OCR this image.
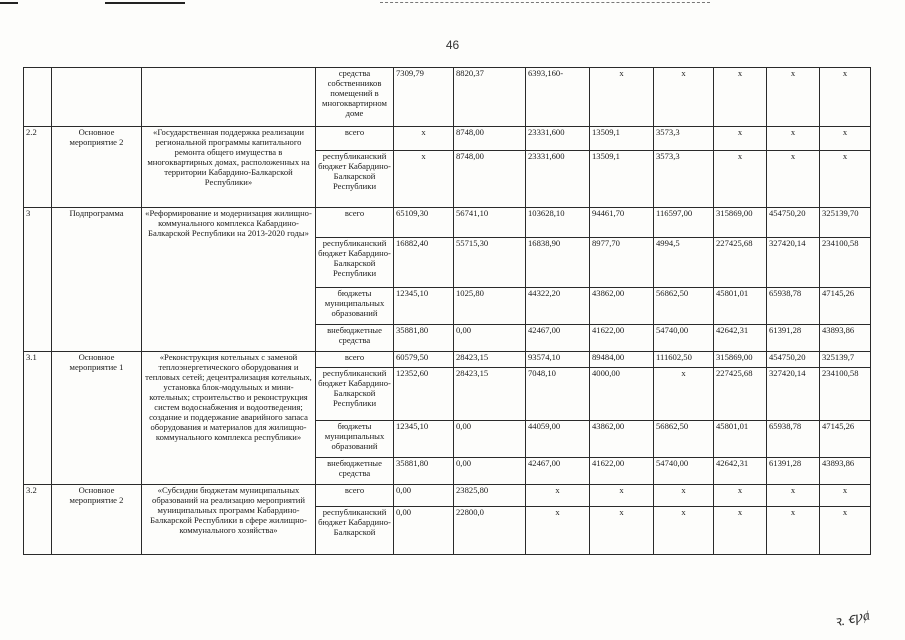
46
			средства собственников помещений в многоквартирном доме	7309,79	8820,37	6393,160-	х	х	х	х	х
2.2	Основное мероприятие 2	«Государственная поддержка реализации региональной программы капитального ремонта общего имущества в многоквартирных домах, расположенных на территории Кабардино-Балкарской Республики»	всего	х	8748,00	23331,600	13509,1	3573,3	х	х	х
			республиканский бюджет Кабардино-Балкарской Республики	х	8748,00	23331,600	13509,1	3573,3	х	х	х
3	Подпрограмма	«Реформирование и модернизация жилищно-коммунального комплекса Кабардино-Балкарской Республики на 2013-2020 годы»	всего	65109,30	56741,10	103628,10	94461,70	116597,00	315869,00	454750,20	325139,70
			республиканский бюджет Кабардино-Балкарской Республики	16882,40	55715,30	16838,90	8977,70	4994,5	227425,68	327420,14	234100,58
			бюджеты муниципальных образований	12345,10	1025,80	44322,20	43862,00	56862,50	45801,01	65938,78	47145,26
			внебюджетные средства	35881,80	0,00	42467,00	41622,00	54740,00	42642,31	61391,28	43893,86
3.1	Основное мероприятие 1	«Реконструкция котельных с заменой теплоэнергетического оборудования и тепловых сетей; децентрализация котельных, установка блок-модульных и мини-котельных; строительство и реконструкция систем водоснабжения и водоотведения; создание и поддержание аварийного запаса оборудования и материалов для жилищно-коммунального комплекса республики»	всего	60579,50	28423,15	93574,10	89484,00	111602,50	315869,00	454750,20	325139,7
			республиканский бюджет Кабардино-Балкарской Республики	12352,60	28423,15	7048,10	4000,00	х	227425,68	327420,14	234100,58
			бюджеты муниципальных образований	12345,10	0,00	44059,00	43862,00	56862,50	45801,01	65938,78	47145,26
			внебюджетные средства	35881,80	0,00	42467,00	41622,00	54740,00	42642,31	61391,28	43893,86
3.2	Основное мероприятие 2	«Субсидии бюджетам муниципальных образований на реализацию мероприятий муниципальных программ Кабардино-Балкарской Республики в сфере жилищно-коммунального хозяйства»	всего	0,00	23825,80	х	х	х	х	х	х
			республиканский бюджет Кабардино-Балкарской	0,00	22800,0	х	х	х	х	х	х
ꝛ. ꞓꝩⱥ
